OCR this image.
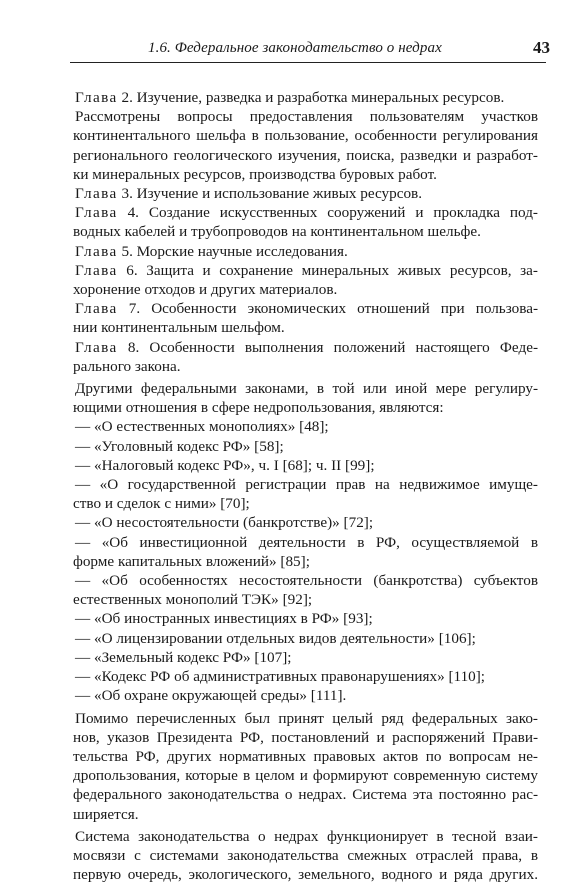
1.6. Федеральное законодательство о недрах	43
Глава 2. Изучение, разведка и разработка минеральных ресурсов.
Рассмотрены вопросы предоставления пользователям участков
континентального шельфа в пользование, особенности регулирования
регионального геологического изучения, поиска, разведки и разработ-
ки минеральных ресурсов, производства буровых работ.
Глава 3. Изучение и использование живых ресурсов.
Глава 4. Создание искусственных сооружений и прокладка под-
водных кабелей и трубопроводов на континентальном шельфе.
Глава 5. Морские научные исследования.
Глава 6. Защита и сохранение минеральных живых ресурсов, за-
хоронение отходов и других материалов.
Глава 7. Особенности экономических отношений при пользова-
нии континентальным шельфом.
Глава 8. Особенности выполнения положений настоящего Феде-
рального закона.
Другими федеральными законами, в той или иной мере регулиру-
ющими отношения в сфере недропользования, являются:
— «О естественных монополиях» [48];
— «Уголовный кодекс РФ» [58];
— «Налоговый кодекс РФ», ч. I [68]; ч. II [99];
— «О государственной регистрации прав на недвижимое имуще-
ство и сделок с ними» [70];
— «О несостоятельности (банкротстве)» [72];
— «Об инвестиционной деятельности в РФ, осуществляемой в
форме капитальных вложений» [85];
— «Об особенностях несостоятельности (банкротства) субъектов
естественных монополий ТЭК» [92];
— «Об иностранных инвестициях в РФ» [93];
— «О лицензировании отдельных видов деятельности» [106];
— «Земельный кодекс РФ» [107];
— «Кодекс РФ об административных правонарушениях» [110];
— «Об охране окружающей среды» [111].
Помимо перечисленных был принят целый ряд федеральных зако-
нов, указов Президента РФ, постановлений и распоряжений Прави-
тельства РФ, других нормативных правовых актов по вопросам не-
дропользования, которые в целом и формируют современную систему
федерального законодательства о недрах. Система эта постоянно рас-
ширяется.
Система законодательства о недрах функционирует в тесной взаи-
мосвязи с системами законодательства смежных отраслей права, в
первую очередь, экологического, земельного, водного и ряда других.
